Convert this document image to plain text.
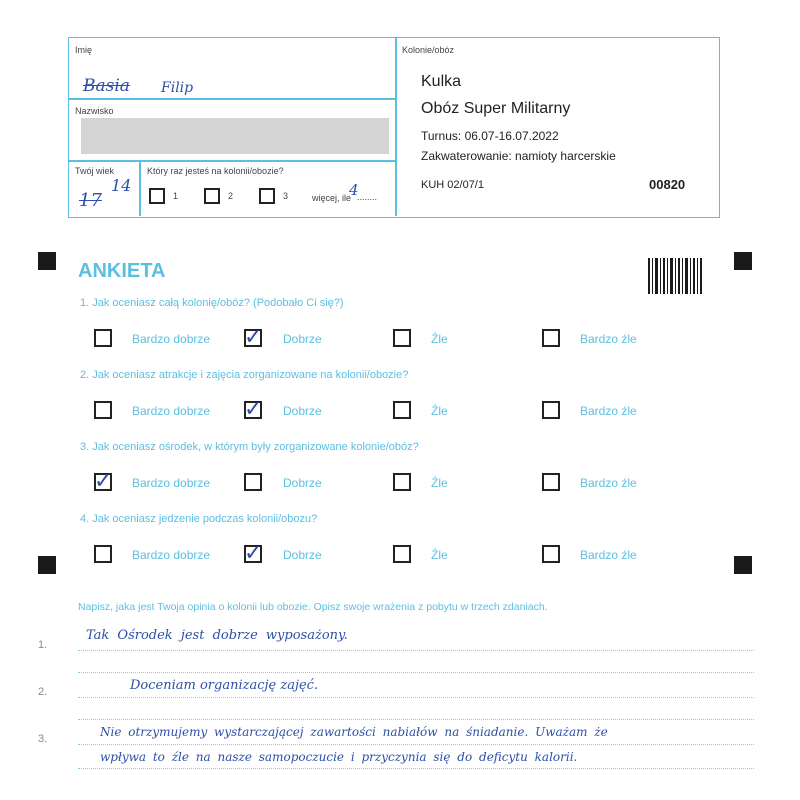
Imię
Basia Filip
Nazwisko
Twój wiek
17
14
Który raz jesteś na kolonii/obozie?
1	2	3	więcej, ile
4
........
Kolonie/obóz
Kulka
Obóz Super Militarny
Turnus: 06.07-16.07.2022
Zakwaterowanie: namioty harcerskie
KUH 02/07/1	00820
ANKIETA
1. Jak oceniasz całą kolonię/obóz? (Podobało Ci się?)
Bardzo dobrze ✓ Dobrze	Źle	Bardzo źle
2. Jak oceniasz atrakcje i zajęcia zorganizowane na kolonii/obozie?
Bardzo dobrze ✓ Dobrze	Źle	Bardzo źle
3. Jak oceniasz ośrodek, w którym były zorganizowane kolonie/obóz?
✓ Bardzo dobrze	Dobrze	Źle	Bardzo źle
4. Jak oceniasz jedzenie podczas kolonii/obozu?
Bardzo dobrze ✓ Dobrze	Źle	Bardzo źle
Napisz, jaka jest Twoja opinia o kolonii lub obozie. Opisz swoje wrażenia z pobytu w trzech zdaniach.
1.
2.
3.
Tak Ośrodek jest dobrze wyposażony.
Doceniam organizację zajęć.
Nie otrzymujemy wystarczającej zawartości nabiałów na śniadanie. Uważam że
wpływa to źle na nasze samopoczucie i przyczynia się do deficytu kalorii.
